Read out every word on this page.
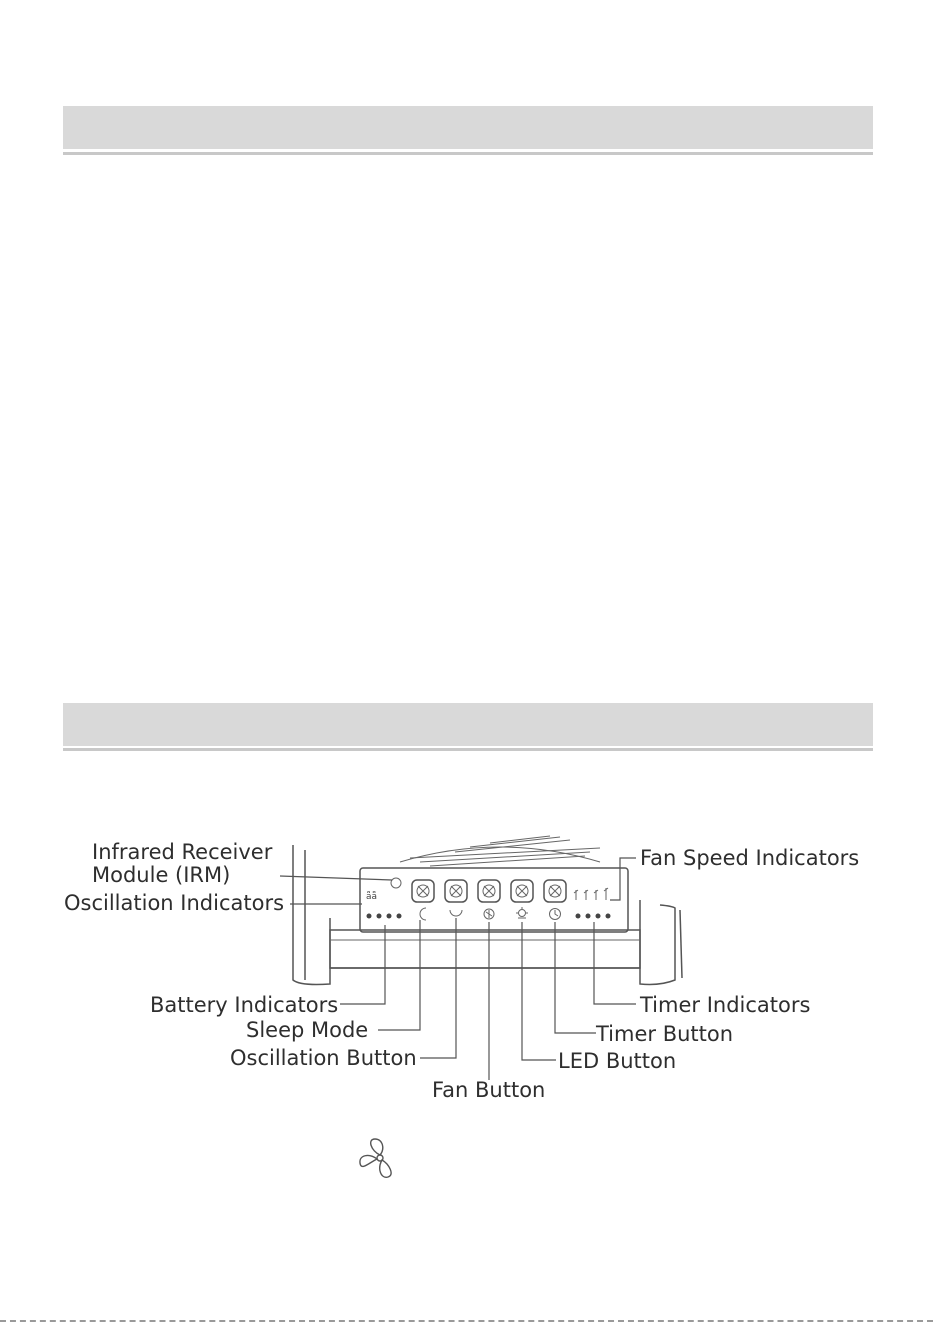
ǟǟ
Infrared Receiver
Module (IRM)
Oscillation Indicators
Battery Indicators
Sleep Mode
Oscillation Button
Fan Button
Fan Speed Indicators
Timer Indicators
Timer Button
LED Button
